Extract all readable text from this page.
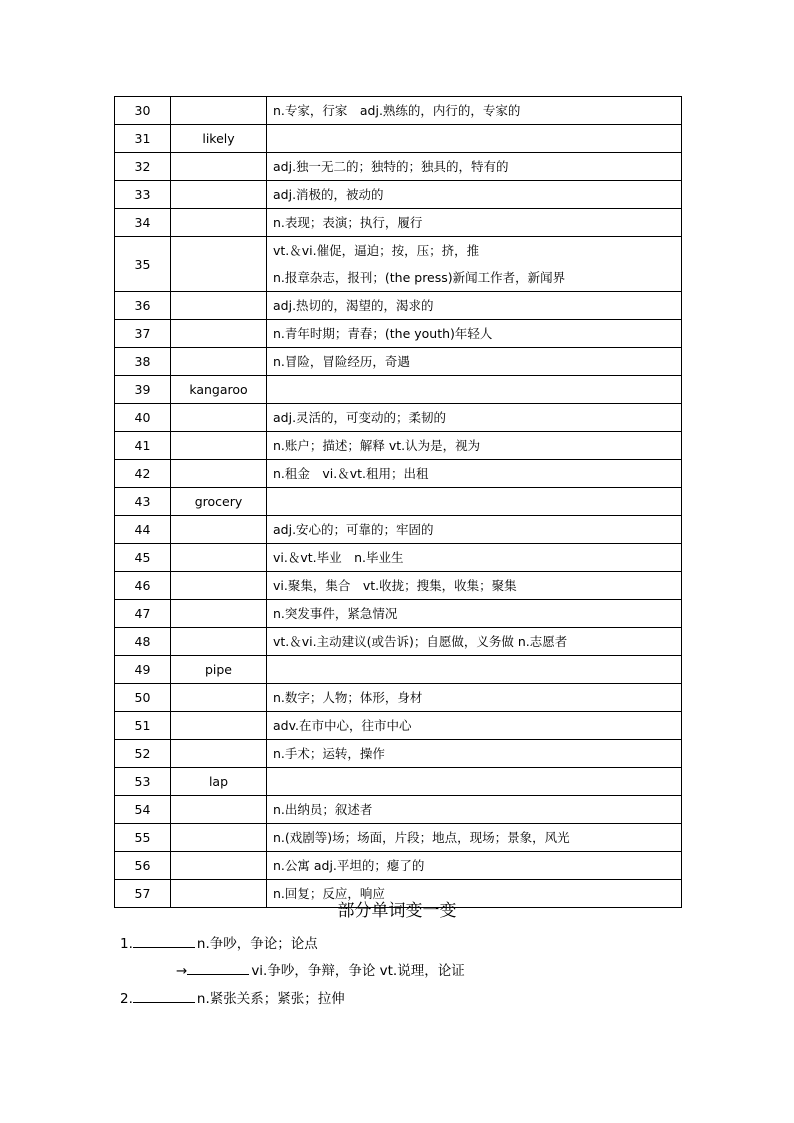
30		n.专家，行家　adj.熟练的，内行的，专家的

31	likely	

32		adj.独一无二的；独特的；独具的，特有的

33		adj.消极的，被动的

34		n.表现；表演；执行，履行

35		vt.＆vi.催促，逼迫；按，压；挤，推
n.报章杂志，报刊；(the press)新闻工作者，新闻界

36		adj.热切的，渴望的，渴求的

37		n.青年时期；青春；(the youth)年轻人

38		n.冒险，冒险经历，奇遇

39	kangaroo	

40		adj.灵活的，可变动的；柔韧的

41		n.账户；描述；解释 vt.认为是，视为

42		n.租金　vi.＆vt.租用；出租

43	grocery	

44		adj.安心的；可靠的；牢固的

45		vi.＆vt.毕业　n.毕业生

46		vi.聚集，集合　vt.收拢；搜集，收集；聚集

47		n.突发事件，紧急情况

48		vt.＆vi.主动建议(或告诉)；自愿做，义务做 n.志愿者

49	pipe	

50		n.数字；人物；体形，身材

51		adv.在市中心，往市中心

52		n.手术；运转，操作

53	lap	

54		n.出纳员；叙述者

55		n.(戏剧等)场；场面，片段；地点，现场；景象，风光

56		n.公寓 adj.平坦的；瘪了的

57		n.回复；反应，响应
部分单词变一变
1.	n.争吵，争论；论点
→	vi.争吵，争辩，争论 vt.说理，论证
2.	n.紧张关系；紧张；拉伸
